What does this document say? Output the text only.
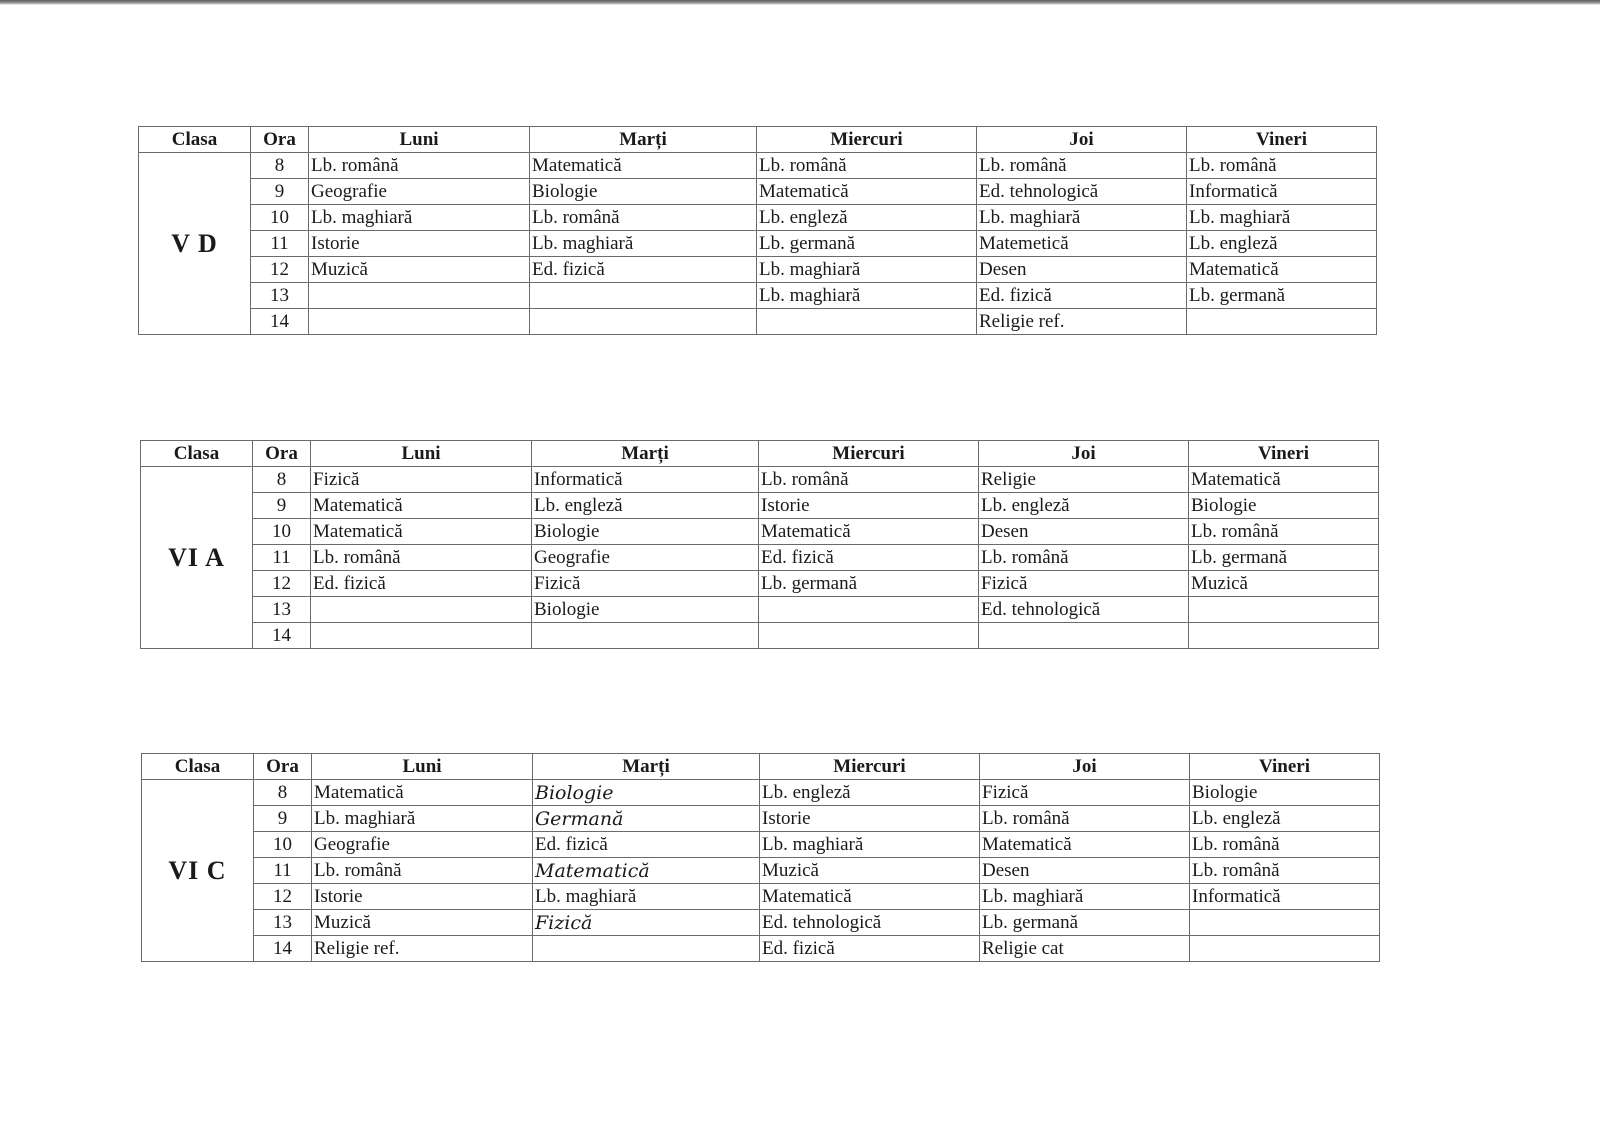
Clasa	Ora	Luni	Marți	Miercuri	Joi	Vineri
V D	8	Lb. română	Matematică	Lb. română	Lb. română	Lb. română
	9	Geografie	Biologie	Matematică	Ed. tehnologică	Informatică
	10	Lb. maghiară	Lb. română	Lb. engleză	Lb. maghiară	Lb. maghiară
	11	Istorie	Lb. maghiară	Lb. germană	Matemetică	Lb. engleză
	12	Muzică	Ed. fizică	Lb. maghiară	Desen	Matematică
	13			Lb. maghiară	Ed. fizică	Lb. germană
	14				Religie ref.	
Clasa	Ora	Luni	Marți	Miercuri	Joi	Vineri
VI A	8	Fizică	Informatică	Lb. română	Religie	Matematică
	9	Matematică	Lb. engleză	Istorie	Lb. engleză	Biologie
	10	Matematică	Biologie	Matematică	Desen	Lb. română
	11	Lb. română	Geografie	Ed. fizică	Lb. română	Lb. germană
	12	Ed. fizică	Fizică	Lb. germană	Fizică	Muzică
	13		Biologie		Ed. tehnologică	
	14					
Clasa	Ora	Luni	Marți	Miercuri	Joi	Vineri
VI C	8	Matematică	Biologie	Lb. engleză	Fizică	Biologie
	9	Lb. maghiară	Germană	Istorie	Lb. română	Lb. engleză
	10	Geografie	Ed. fizică	Lb. maghiară	Matematică	Lb. română
	11	Lb. română	Matematică	Muzică	Desen	Lb. română
	12	Istorie	Lb. maghiară	Matematică	Lb. maghiară	Informatică
	13	Muzică	Fizică	Ed. tehnologică	Lb. germană	
	14	Religie ref.		Ed. fizică	Religie cat	
